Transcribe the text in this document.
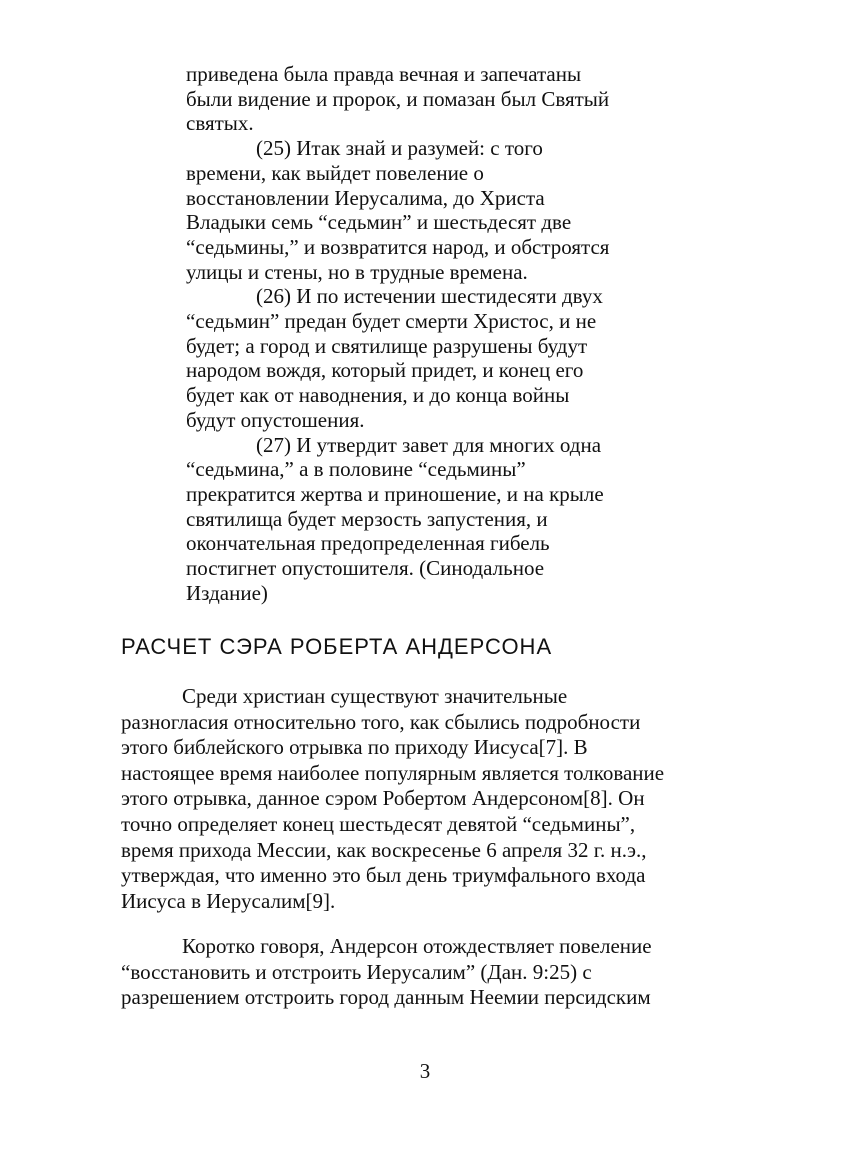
приведена была правда вечная и запечатаны
были видение и пророк, и помазан был Святый
святых.
(25) Итак знай и разумей: с того
времени, как выйдет повеление о
восстановлении Иерусалима, до Христа
Владыки семь “седьмин” и шестьдесят две
“седьмины,” и возвратится народ, и обстроятся
улицы и стены, но в трудные времена.
(26) И по истечении шестидесяти двух
“седьмин” предан будет смерти Христос, и не
будет; а город и святилище разрушены будут
народом вождя, который придет, и конец его
будет как от наводнения, и до конца войны
будут опустошения.
(27) И утвердит завет для многих одна
“седьмина,” а в половине “седьмины”
прекратится жертва и приношение, и на крыле
святилища будет мерзость запустения, и
окончательная предопределенная гибель
постигнет опустошителя. (Синодальное
Издание)
РАСЧЕТ СЭРА РОБЕРТА АНДЕРСОНА
Среди христиан существуют значительные
разногласия относительно того, как сбылись подробности
этого библейского отрывка по приходу Иисуса[7]. В
настоящее время наиболее популярным является толкование
этого отрывка, данное сэром Робертом Андерсоном[8]. Он
точно определяет конец шестьдесят девятой “седьмины”,
время прихода Мессии, как воскресенье 6 апреля 32 г. н.э.,
утверждая, что именно это был день триумфального входа
Иисуса в Иерусалим[9].
Коротко говоря, Андерсон отождествляет повеление
“восстановить и отстроить Иерусалим” (Дан. 9:25) с
разрешением отстроить город данным Неемии персидским
3
